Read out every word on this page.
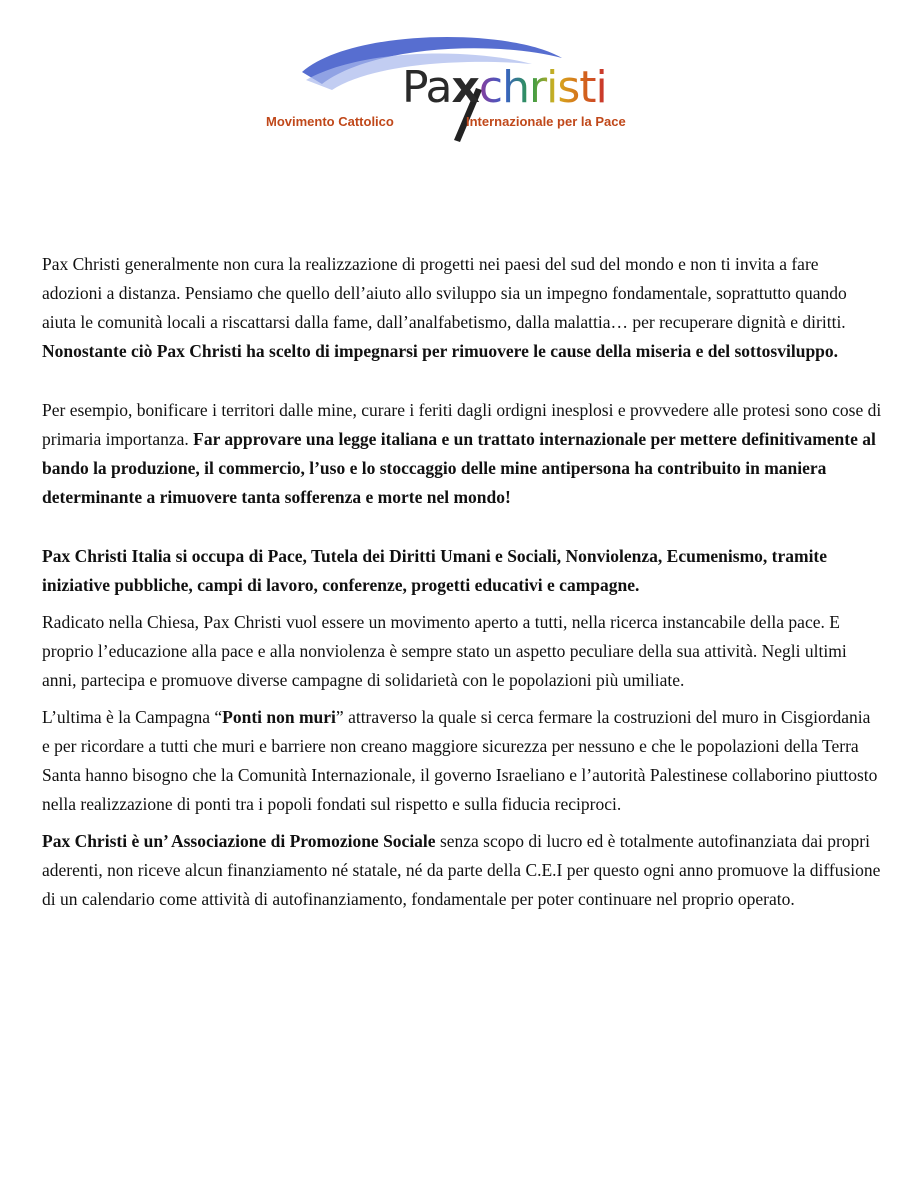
Paxchristi
Movimento Cattolico	Internazionale per la Pace

Pax Christi generalmente non cura la realizzazione di progetti nei paesi del sud del mondo e non ti invita a fare adozioni a distanza. Pensiamo che quello dell’aiuto allo sviluppo sia un impegno fondamentale, soprattutto quando aiuta le comunità locali a riscattarsi dalla fame, dall’analfabetismo, dalla malattia… per recuperare dignità e diritti.

Nonostante ciò Pax Christi ha scelto di impegnarsi per rimuovere le cause della miseria e del sottosviluppo.

Per esempio, bonificare i territori dalle mine, curare i feriti dagli ordigni inesplosi e provvedere alle protesi sono cose di primaria importanza. Far approvare una legge italiana e un trattato internazionale per mettere definitivamente al bando la produzione, il commercio, l’uso e lo stoccaggio delle mine antipersona ha contribuito in maniera determinante a rimuovere tanta sofferenza e morte nel mondo!

Pax Christi Italia si occupa di Pace, Tutela dei Diritti Umani e Sociali, Nonviolenza, Ecumenismo, tramite iniziative pubbliche, campi di lavoro, conferenze, progetti educativi e campagne.

Radicato nella Chiesa, Pax Christi vuol essere un movimento aperto a tutti, nella ricerca instancabile della pace. E proprio l’educazione alla pace e alla nonviolenza è sempre stato un aspetto peculiare della sua attività. Negli ultimi anni, partecipa e promuove diverse campagne di solidarietà con le popolazioni più umiliate.

L’ultima è la Campagna “Ponti non muri” attraverso la quale si cerca fermare la costruzioni del muro in Cisgiordania e per ricordare a tutti che muri e barriere non creano maggiore sicurezza per nessuno e che le popolazioni della Terra Santa hanno bisogno che la Comunità Internazionale, il governo Israeliano e l’autorità Palestinese collaborino piuttosto nella realizzazione di ponti tra i popoli fondati sul rispetto e sulla fiducia reciproci.

Pax Christi è un’ Associazione di Promozione Sociale senza scopo di lucro ed è totalmente autofinanziata dai propri aderenti, non riceve alcun finanziamento né statale, né da parte della C.E.I per questo ogni anno promuove la diffusione di un calendario come attività di autofinanziamento, fondamentale per poter continuare nel proprio operato.
